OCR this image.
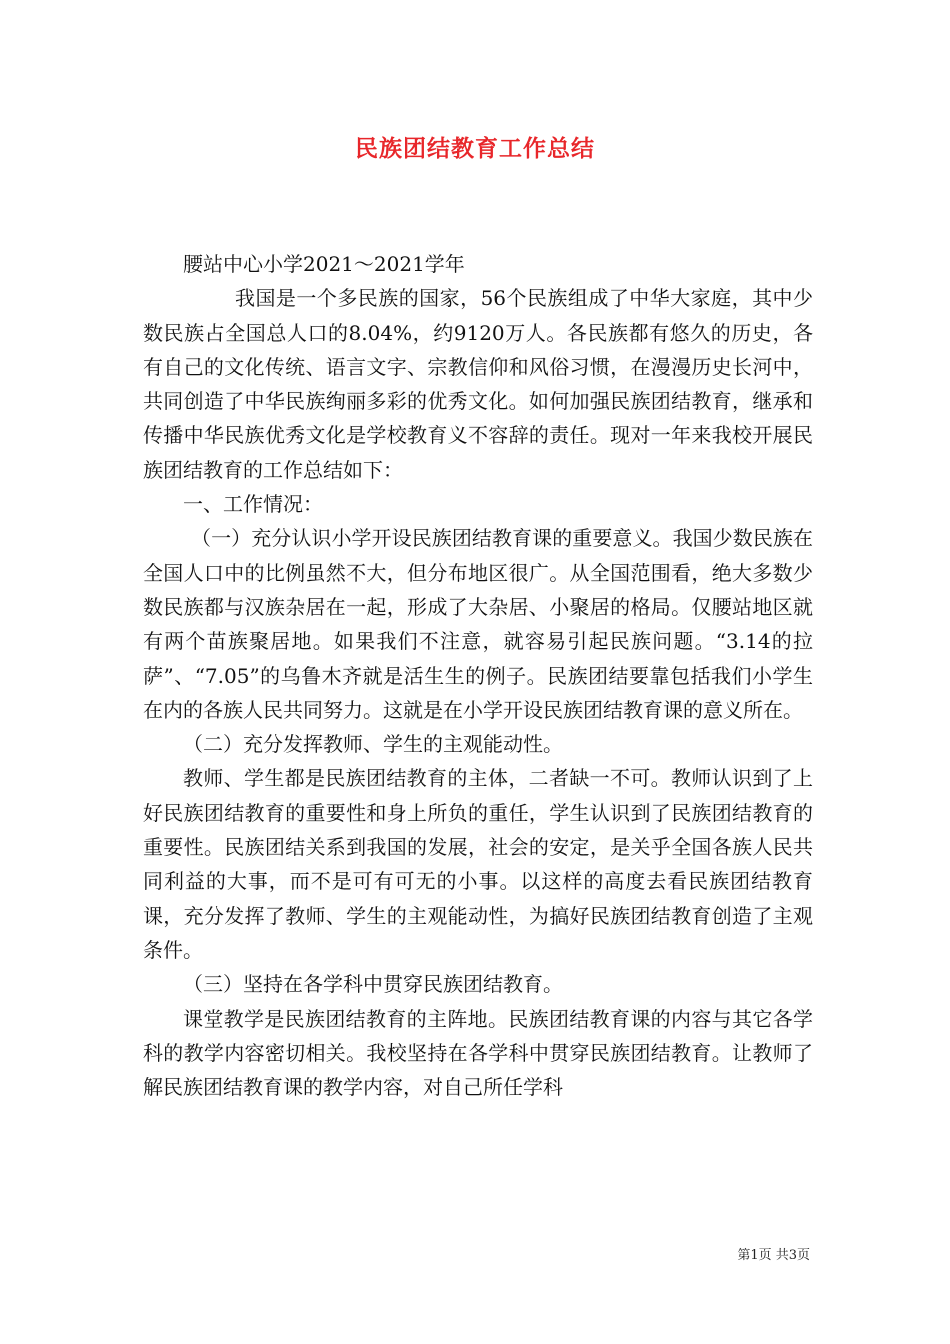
民族团结教育工作总结

腰站中心小学2021～2021学年

我国是一个多民族的国家，56个民族组成了中华大家庭，其中少数民族占全国总人口的8.04%，约9120万人。各民族都有悠久的历史，各有自己的文化传统、语言文字、宗教信仰和风俗习惯，在漫漫历史长河中，共同创造了中华民族绚丽多彩的优秀文化。如何加强民族团结教育，继承和传播中华民族优秀文化是学校教育义不容辞的责任。现对一年来我校开展民族团结教育的工作总结如下：

一、工作情况：

（一）充分认识小学开设民族团结教育课的重要意义。我国少数民族在全国人口中的比例虽然不大，但分布地区很广。从全国范围看，绝大多数少数民族都与汉族杂居在一起，形成了大杂居、小聚居的格局。仅腰站地区就有两个苗族聚居地。如果我们不注意，就容易引起民族问题。“3.14的拉萨”、“7.05”的乌鲁木齐就是活生生的例子。民族团结要靠包括我们小学生在内的各族人民共同努力。这就是在小学开设民族团结教育课的意义所在。

（二）充分发挥教师、学生的主观能动性。

教师、学生都是民族团结教育的主体，二者缺一不可。教师认识到了上好民族团结教育的重要性和身上所负的重任，学生认识到了民族团结教育的重要性。民族团结关系到我国的发展，社会的安定，是关乎全国各族人民共同利益的大事，而不是可有可无的小事。以这样的高度去看民族团结教育课，充分发挥了教师、学生的主观能动性，为搞好民族团结教育创造了主观条件。

（三）坚持在各学科中贯穿民族团结教育。

课堂教学是民族团结教育的主阵地。民族团结教育课的内容与其它各学科的教学内容密切相关。我校坚持在各学科中贯穿民族团结教育。让教师了解民族团结教育课的教学内容，对自己所任学科

第1页 共3页
